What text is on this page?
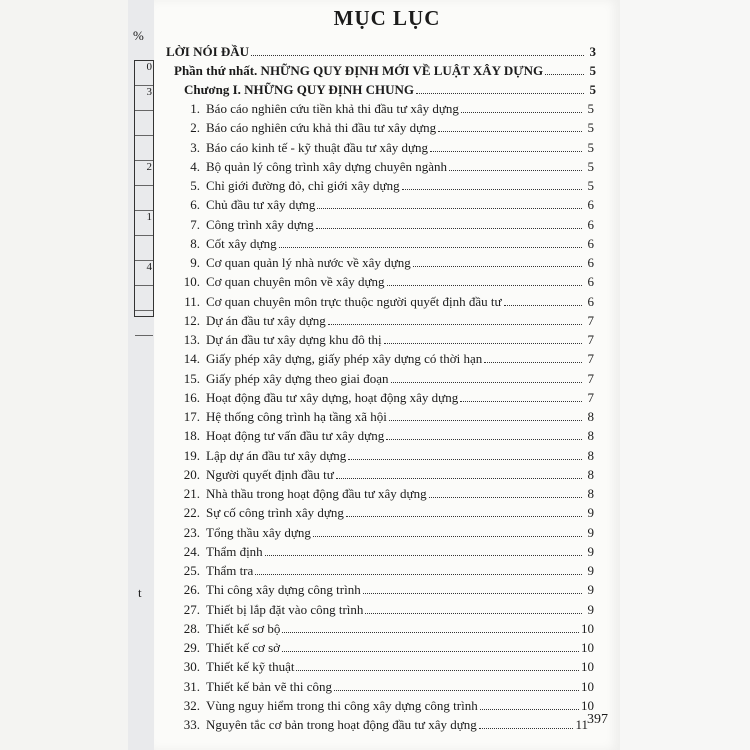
%
0
3
2
1
4
t
MỤC LỤC
LỜI NÓI ĐẦU	3
Phần thứ nhất. NHỮNG QUY ĐỊNH MỚI VỀ LUẬT XÂY DỰNG	5
Chương I. NHỮNG QUY ĐỊNH CHUNG	5
1. Báo cáo nghiên cứu tiền khả thi đầu tư xây dựng	5
2. Báo cáo nghiên cứu khả thi đầu tư xây dựng	5
3. Báo cáo kinh tế - kỹ thuật đầu tư xây dựng	5
4. Bộ quản lý công trình xây dựng chuyên ngành	5
5. Chỉ giới đường đỏ, chỉ giới xây dựng	5
6. Chủ đầu tư xây dựng	6
7. Công trình xây dựng	6
8. Cốt xây dựng	6
9. Cơ quan quản lý nhà nước về xây dựng	6
10. Cơ quan chuyên môn về xây dựng	6
11. Cơ quan chuyên môn trực thuộc người quyết định đầu tư	6
12. Dự án đầu tư xây dựng	7
13. Dự án đầu tư xây dựng khu đô thị	7
14. Giấy phép xây dựng, giấy phép xây dựng có thời hạn	7
15. Giấy phép xây dựng theo giai đoạn	7
16. Hoạt động đầu tư xây dựng, hoạt động xây dựng	7
17. Hệ thống công trình hạ tầng xã hội	8
18. Hoạt động tư vấn đầu tư xây dựng	8
19. Lập dự án đầu tư xây dựng	8
20. Người quyết định đầu tư	8
21. Nhà thầu trong hoạt động đầu tư xây dựng	8
22. Sự cố công trình xây dựng	9
23. Tổng thầu xây dựng	9
24. Thẩm định	9
25. Thẩm tra	9
26. Thi công xây dựng công trình	9
27. Thiết bị lắp đặt vào công trình	9
28. Thiết kế sơ bộ	10
29. Thiết kế cơ sở	10
30. Thiết kế kỹ thuật	10
31. Thiết kế bản vẽ thi công	10
32. Vùng nguy hiểm trong thi công xây dựng công trình	10
33. Nguyên tắc cơ bản trong hoạt động đầu tư xây dựng	11 397
